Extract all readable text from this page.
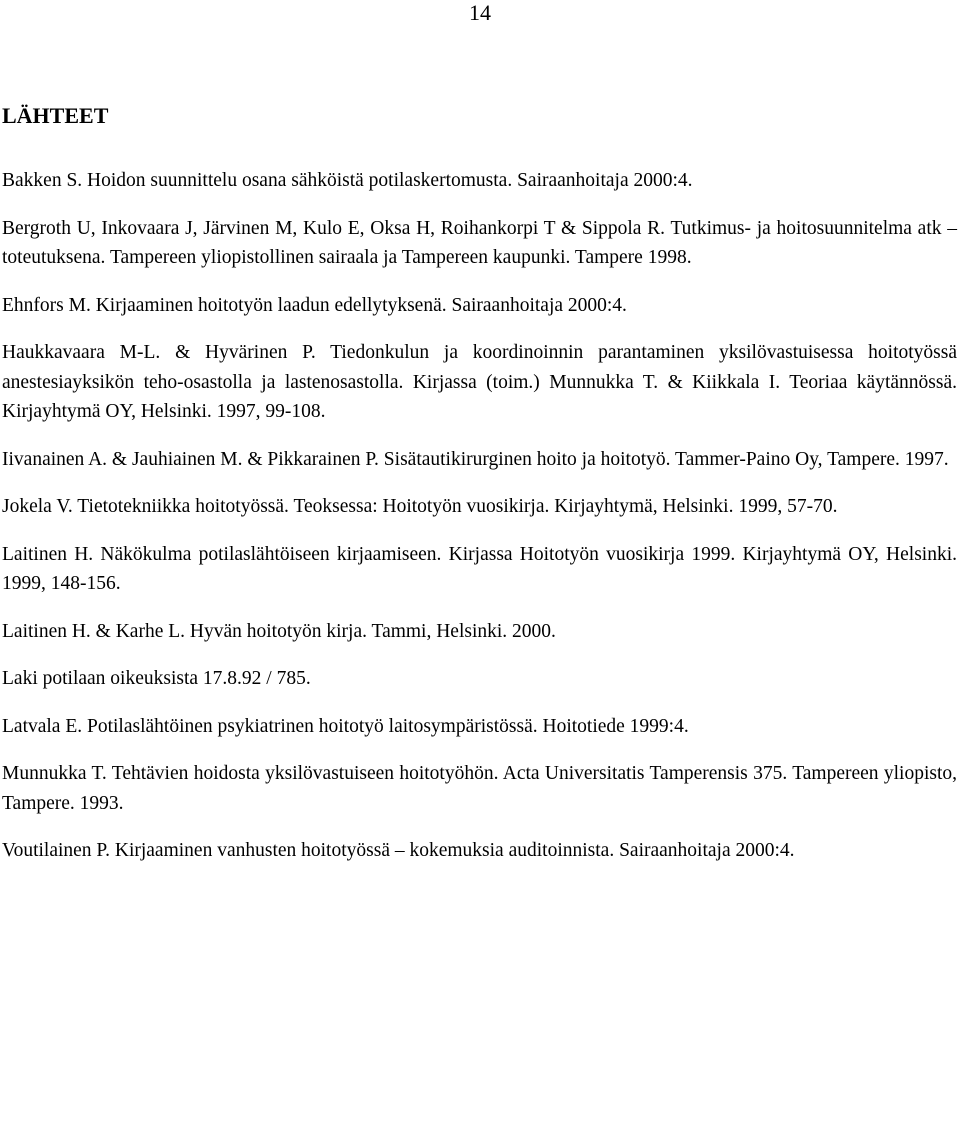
14
LÄHTEET
Bakken S. Hoidon suunnittelu osana sähköistä potilaskertomusta. Sairaanhoitaja 2000:4.
Bergroth U, Inkovaara J, Järvinen M, Kulo E, Oksa H, Roihankorpi T & Sippola R. Tutkimus- ja hoitosuunnitelma atk –toteutuksena. Tampereen yliopistollinen sairaala ja Tampereen kaupunki. Tampere 1998.
Ehnfors M. Kirjaaminen hoitotyön laadun edellytyksenä. Sairaanhoitaja 2000:4.
Haukkavaara M-L. & Hyvärinen P. Tiedonkulun ja koordinoinnin parantaminen yksilövastuisessa hoitotyössä anestesiayksikön teho-osastolla ja lastenosastolla. Kirjassa (toim.) Munnukka T. & Kiikkala I. Teoriaa käytännössä. Kirjayhtymä OY, Helsinki. 1997, 99-108.
Iivanainen A. & Jauhiainen M. & Pikkarainen P. Sisätautikirurginen hoito ja hoitotyö. Tammer-Paino Oy, Tampere. 1997.
Jokela V. Tietotekniikka hoitotyössä. Teoksessa: Hoitotyön vuosikirja. Kirjayhtymä, Helsinki. 1999, 57-70.
Laitinen H. Näkökulma potilaslähtöiseen kirjaamiseen. Kirjassa Hoitotyön vuosikirja 1999. Kirjayhtymä OY, Helsinki. 1999, 148-156.
Laitinen H. & Karhe L. Hyvän hoitotyön kirja. Tammi, Helsinki. 2000.
Laki potilaan oikeuksista 17.8.92 / 785.
Latvala E. Potilaslähtöinen psykiatrinen hoitotyö laitosympäristössä. Hoitotiede 1999:4.
Munnukka T. Tehtävien hoidosta yksilövastuiseen hoitotyöhön. Acta Universitatis Tamperensis 375. Tampereen yliopisto, Tampere. 1993.
Voutilainen P. Kirjaaminen vanhusten hoitotyössä – kokemuksia auditoinnista. Sairaanhoitaja 2000:4.
